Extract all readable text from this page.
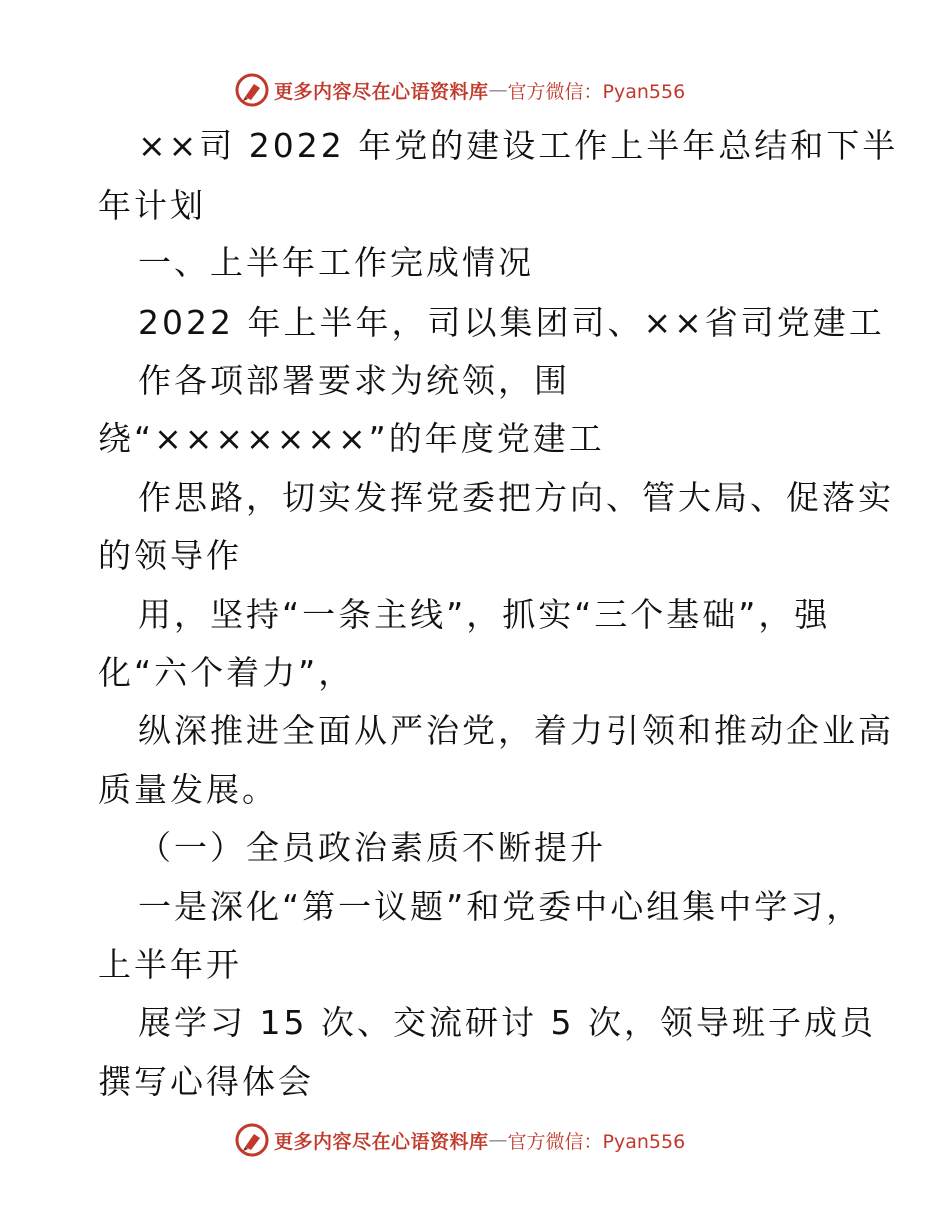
更多内容尽在心语资料库 — 官方微信：Pyan556
××司 2022 年党的建设工作上半年总结和下半
年计划
一、上半年工作完成情况
2022 年上半年，司以集团司、××省司党建工
作各项部署要求为统领，围
绕“×××××××”的年度党建工
作思路，切实发挥党委把方向、管大局、促落实
的领导作
用，坚持“一条主线”，抓实“三个基础”，强
化“六个着力”，
纵深推进全面从严治党，着力引领和推动企业高
质量发展。
（一）全员政治素质不断提升
一是深化“第一议题”和党委中心组集中学习，
上半年开
展学习 15 次、交流研讨 5 次，领导班子成员
撰写心得体会
更多内容尽在心语资料库 — 官方微信：Pyan556
